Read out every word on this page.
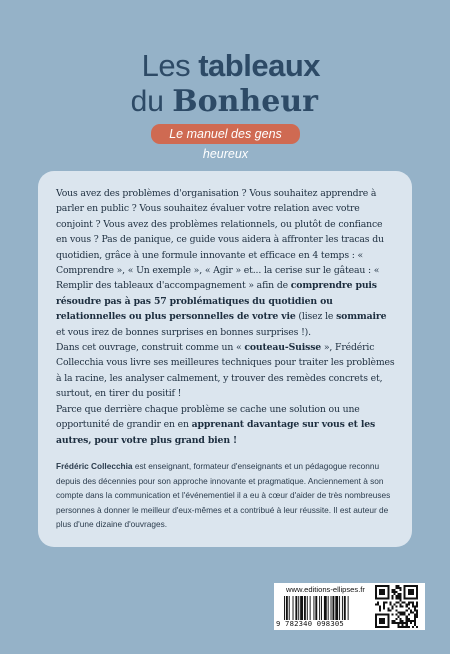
Les tableaux
du Bonheur
Le manuel des gens heureux

Vous avez des problèmes d'organisation ? Vous souhaitez apprendre à parler en public ? Vous souhaitez évaluer votre relation avec votre conjoint ? Vous avez des problèmes relationnels, ou plutôt de confiance en vous ? Pas de panique, ce guide vous aidera à affronter les tracas du quotidien, grâce à une formule innovante et efficace en 4 temps : « Comprendre », « Un exemple », « Agir » et... la cerise sur le gâteau : « Remplir des tableaux d'accompagnement » afin de comprendre puis résoudre pas à pas 57 problématiques du quotidien ou relationnelles ou plus personnelles de votre vie (lisez le sommaire et vous irez de bonnes surprises en bonnes surprises !).

Dans cet ouvrage, construit comme un « couteau-Suisse », Frédéric Collecchia vous livre ses meilleures techniques pour traiter les problèmes à la racine, les analyser calmement, y trouver des remèdes concrets et, surtout, en tirer du positif !

Parce que derrière chaque problème se cache une solution ou une opportunité de grandir en en apprenant davantage sur vous et les autres, pour votre plus grand bien !

Frédéric Collecchia est enseignant, formateur d'enseignants et un pédagogue reconnu depuis des décennies pour son approche innovante et pragmatique. Anciennement à son compte dans la communication et l'événementiel il a eu à cœur d'aider de très nombreuses personnes à donner le meilleur d'eux-mêmes et a contribué à leur réussite. Il est auteur de plus d'une dizaine d'ouvrages.
www.editions-ellipses.fr
9 782340 098305
